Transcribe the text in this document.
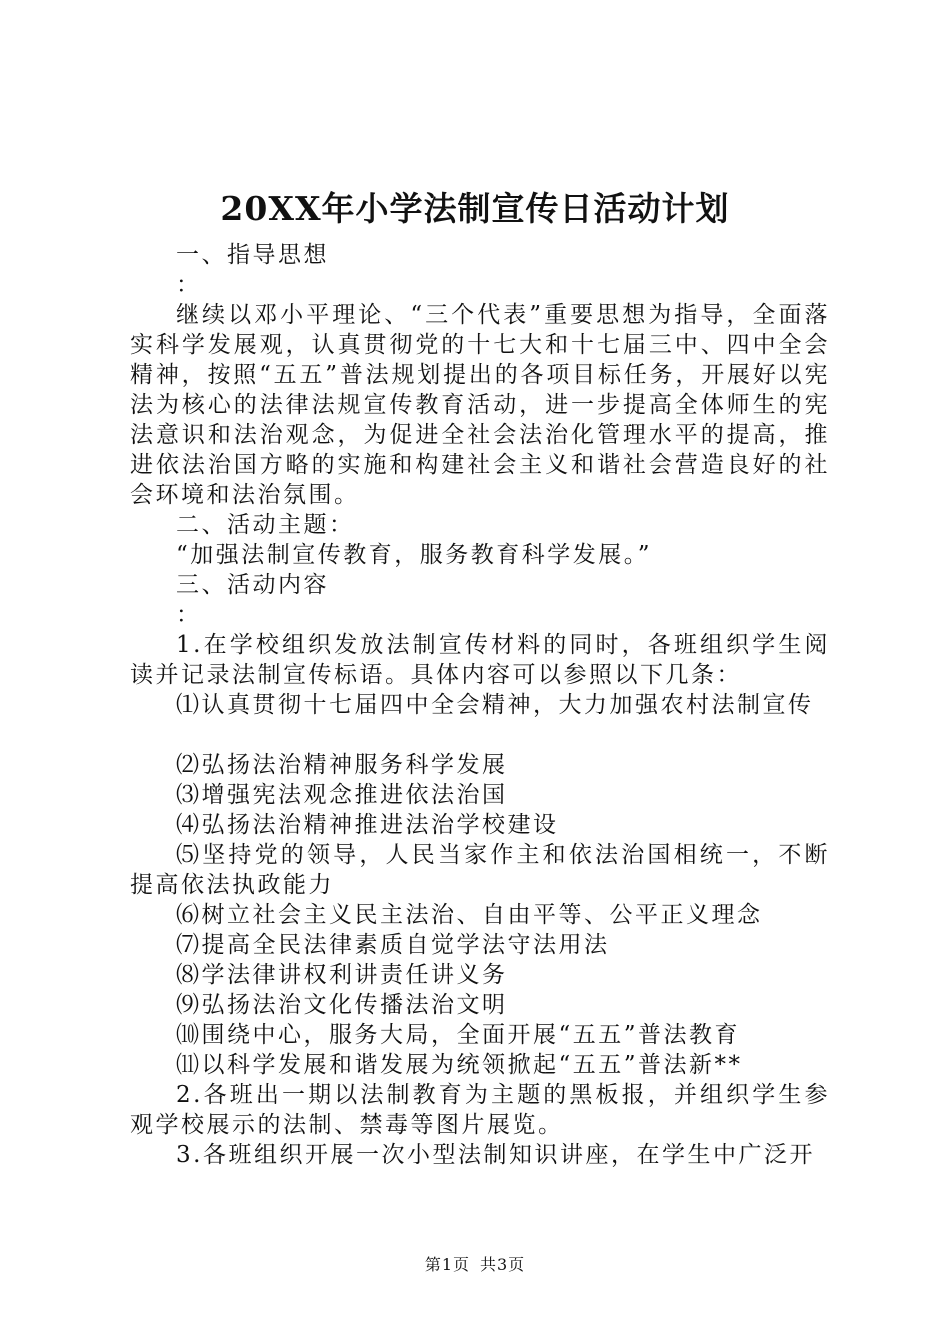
20XX年小学法制宣传日活动计划

一、指导思想

：

继续以邓小平理论、“三个代表”重要思想为指导，全面落实科学发展观，认真贯彻党的十七大和十七届三中、四中全会精神，按照“五五”普法规划提出的各项目标任务，开展好以宪法为核心的法律法规宣传教育活动，进一步提高全体师生的宪法意识和法治观念，为促进全社会法治化管理水平的提高，推进依法治国方略的实施和构建社会主义和谐社会营造良好的社会环境和法治氛围。

二、活动主题：

“加强法制宣传教育，服务教育科学发展。”

三、活动内容

：

1.在学校组织发放法制宣传材料的同时，各班组织学生阅读并记录法制宣传标语。具体内容可以参照以下几条：

⑴认真贯彻十七届四中全会精神，大力加强农村法制宣传

⑵弘扬法治精神服务科学发展

⑶增强宪法观念推进依法治国

⑷弘扬法治精神推进法治学校建设

⑸坚持党的领导，人民当家作主和依法治国相统一，不断提高依法执政能力

⑹树立社会主义民主法治、自由平等、公平正义理念

⑺提高全民法律素质自觉学法守法用法

⑻学法律讲权利讲责任讲义务

⑼弘扬法治文化传播法治文明

⑽围绕中心，服务大局，全面开展“五五”普法教育

⑾以科学发展和谐发展为统领掀起“五五”普法新**

2.各班出一期以法制教育为主题的黑板报，并组织学生参观学校展示的法制、禁毒等图片展览。

3.各班组织开展一次小型法制知识讲座，在学生中广泛开

第1页 共3页
